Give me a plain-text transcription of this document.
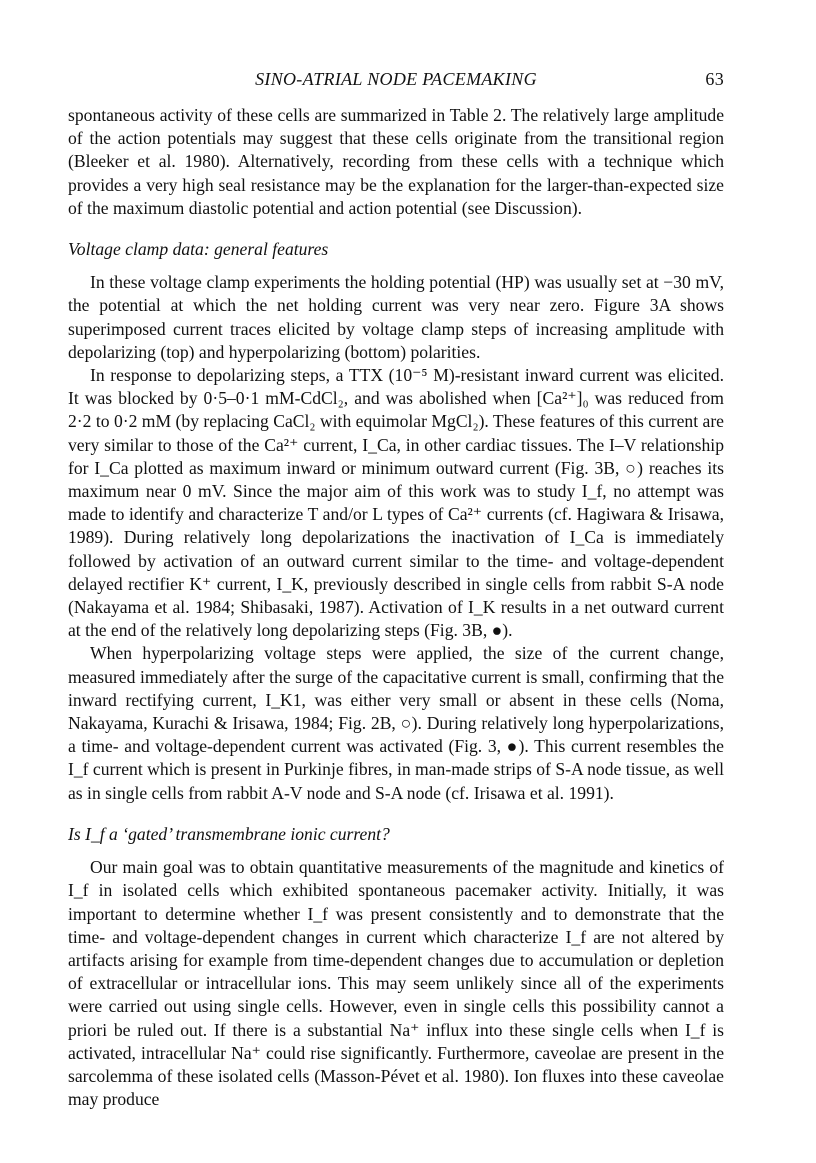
SINO-ATRIAL NODE PACEMAKING	63

spontaneous activity of these cells are summarized in Table 2. The relatively large amplitude of the action potentials may suggest that these cells originate from the transitional region (Bleeker et al. 1980). Alternatively, recording from these cells with a technique which provides a very high seal resistance may be the explanation for the larger-than-expected size of the maximum diastolic potential and action potential (see Discussion).

Voltage clamp data: general features

In these voltage clamp experiments the holding potential (HP) was usually set at −30 mV, the potential at which the net holding current was very near zero. Figure 3A shows superimposed current traces elicited by voltage clamp steps of increasing amplitude with depolarizing (top) and hyperpolarizing (bottom) polarities.

In response to depolarizing steps, a TTX (10⁻⁵ M)-resistant inward current was elicited. It was blocked by 0·5–0·1 mM-CdCl₂, and was abolished when [Ca²⁺]₀ was reduced from 2·2 to 0·2 mM (by replacing CaCl₂ with equimolar MgCl₂). These features of this current are very similar to those of the Ca²⁺ current, I_Ca, in other cardiac tissues. The I–V relationship for I_Ca plotted as maximum inward or minimum outward current (Fig. 3B, ○) reaches its maximum near 0 mV. Since the major aim of this work was to study I_f, no attempt was made to identify and characterize T and/or L types of Ca²⁺ currents (cf. Hagiwara & Irisawa, 1989). During relatively long depolarizations the inactivation of I_Ca is immediately followed by activation of an outward current similar to the time- and voltage-dependent delayed rectifier K⁺ current, I_K, previously described in single cells from rabbit S-A node (Nakayama et al. 1984; Shibasaki, 1987). Activation of I_K results in a net outward current at the end of the relatively long depolarizing steps (Fig. 3B, ●).

When hyperpolarizing voltage steps were applied, the size of the current change, measured immediately after the surge of the capacitative current is small, confirming that the inward rectifying current, I_K1, was either very small or absent in these cells (Noma, Nakayama, Kurachi & Irisawa, 1984; Fig. 2B, ○). During relatively long hyperpolarizations, a time- and voltage-dependent current was activated (Fig. 3, ●). This current resembles the I_f current which is present in Purkinje fibres, in man-made strips of S-A node tissue, as well as in single cells from rabbit A-V node and S-A node (cf. Irisawa et al. 1991).

Is I_f a ‘gated’ transmembrane ionic current?

Our main goal was to obtain quantitative measurements of the magnitude and kinetics of I_f in isolated cells which exhibited spontaneous pacemaker activity. Initially, it was important to determine whether I_f was present consistently and to demonstrate that the time- and voltage-dependent changes in current which characterize I_f are not altered by artifacts arising for example from time-dependent changes due to accumulation or depletion of extracellular or intracellular ions. This may seem unlikely since all of the experiments were carried out using single cells. However, even in single cells this possibility cannot a priori be ruled out. If there is a substantial Na⁺ influx into these single cells when I_f is activated, intracellular Na⁺ could rise significantly. Furthermore, caveolae are present in the sarcolemma of these isolated cells (Masson-Pévet et al. 1980). Ion fluxes into these caveolae may produce
